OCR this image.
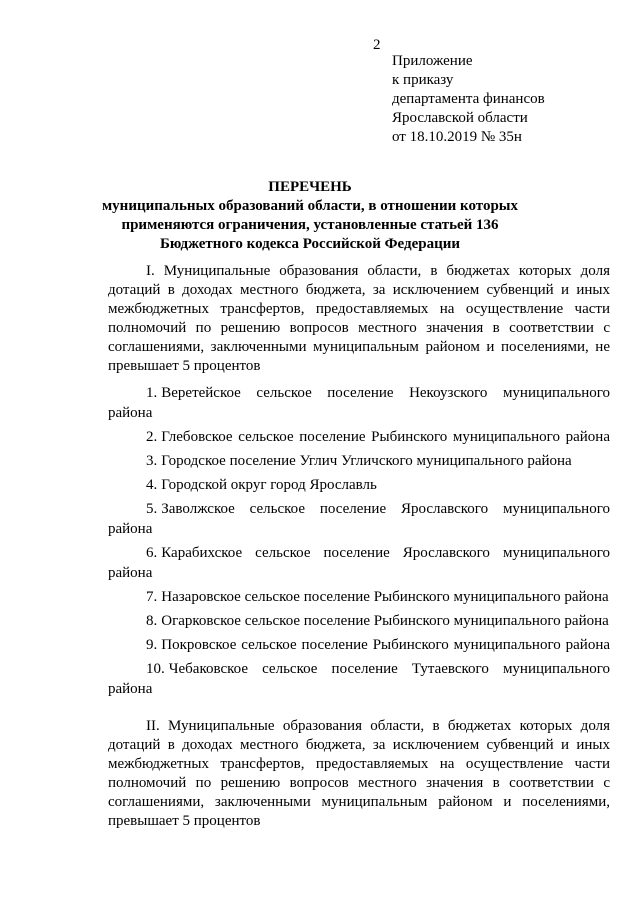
2
Приложение
к приказу
департамента финансов
Ярославской области
от 18.10.2019 № 35н
ПЕРЕЧЕНЬ
муниципальных образований области, в отношении которых
применяются ограничения, установленные статьей 136
Бюджетного кодекса Российской Федерации
I. Муниципальные образования области, в бюджетах которых доля дотаций в доходах местного бюджета, за исключением субвенций и иных межбюджетных трансфертов, предоставляемых на осуществление части полномочий по решению вопросов местного значения в соответствии с соглашениями, заключенными муниципальным районом и поселениями, не превышает 5 процентов
1. Веретейское сельское поселение Некоузского муниципального района
2. Глебовское сельское поселение Рыбинского муниципального района
3. Городское поселение Углич Угличского муниципального района
4. Городской округ город Ярославль
5. Заволжское сельское поселение Ярославского муниципального района
6. Карабихское сельское поселение Ярославского муниципального района
7. Назаровское сельское поселение Рыбинского муниципального района
8. Огарковское сельское поселение Рыбинского муниципального района
9. Покровское сельское поселение Рыбинского муниципального района
10. Чебаковское сельское поселение Тутаевского муниципального района
II. Муниципальные образования области, в бюджетах которых доля дотаций в доходах местного бюджета, за исключением субвенций и иных межбюджетных трансфертов, предоставляемых на осуществление части полномочий по решению вопросов местного значения в соответствии с соглашениями, заключенными муниципальным районом и поселениями, превышает 5 процентов
